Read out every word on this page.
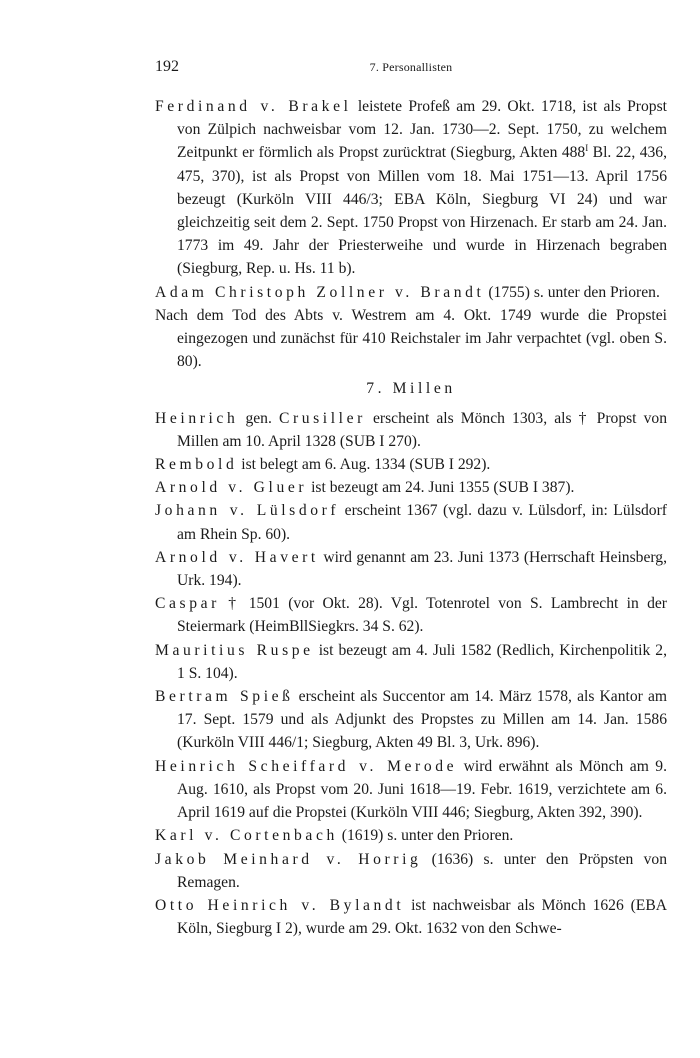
192	7. Personallisten

Ferdinand v. Brakel leistete Profeß am 29. Okt. 1718, ist als Propst von Zülpich nachweisbar vom 12. Jan. 1730—2. Sept. 1750, zu welchem Zeitpunkt er förmlich als Propst zurücktrat (Siegburg, Akten $488^I$ Bl. 22, 436, 475, 370), ist als Propst von Millen vom 18. Mai 1751—13. April 1756 bezeugt (Kurköln VIII 446/3; EBA Köln, Siegburg VI 24) und war gleichzeitig seit dem 2. Sept. 1750 Propst von Hirzenach. Er starb am 24. Jan. 1773 im 49. Jahr der Priesterweihe und wurde in Hirzenach begraben (Siegburg, Rep. u. Hs. 11 b).

Adam Christoph Zollner v. Brandt (1755) s. unter den Prioren.

Nach dem Tod des Abts v. Westrem am 4. Okt. 1749 wurde die Propstei eingezogen und zunächst für 410 Reichstaler im Jahr verpachtet (vgl. oben S. 80).

7. Millen

Heinrich gen. Crusiller erscheint als Mönch 1303, als † Propst von Millen am 10. April 1328 (SUB I 270).

Rembold ist belegt am 6. Aug. 1334 (SUB I 292).

Arnold v. Gluer ist bezeugt am 24. Juni 1355 (SUB I 387).

Johann v. Lülsdorf erscheint 1367 (vgl. dazu v. Lülsdorf, in: Lülsdorf am Rhein Sp. 60).

Arnold v. Havert wird genannt am 23. Juni 1373 (Herrschaft Heinsberg, Urk. 194).

Caspar † 1501 (vor Okt. 28). Vgl. Totenrotel von S. Lambrecht in der Steiermark (HeimBllSiegkrs. 34 S. 62).

Mauritius Ruspe ist bezeugt am 4. Juli 1582 (Redlich, Kirchenpolitik 2, 1 S. 104).

Bertram Spieß erscheint als Succentor am 14. März 1578, als Kantor am 17. Sept. 1579 und als Adjunkt des Propstes zu Millen am 14. Jan. 1586 (Kurköln VIII 446/1; Siegburg, Akten 49 Bl. 3, Urk. 896).

Heinrich Scheiffard v. Merode wird erwähnt als Mönch am 9. Aug. 1610, als Propst vom 20. Juni 1618—19. Febr. 1619, verzichtete am 6. April 1619 auf die Propstei (Kurköln VIII 446; Siegburg, Akten 392, 390).

Karl v. Cortenbach (1619) s. unter den Prioren.

Jakob Meinhard v. Horrig (1636) s. unter den Pröpsten von Remagen.

Otto Heinrich v. Bylandt ist nachweisbar als Mönch 1626 (EBA Köln, Siegburg I 2), wurde am 29. Okt. 1632 von den Schwe-
